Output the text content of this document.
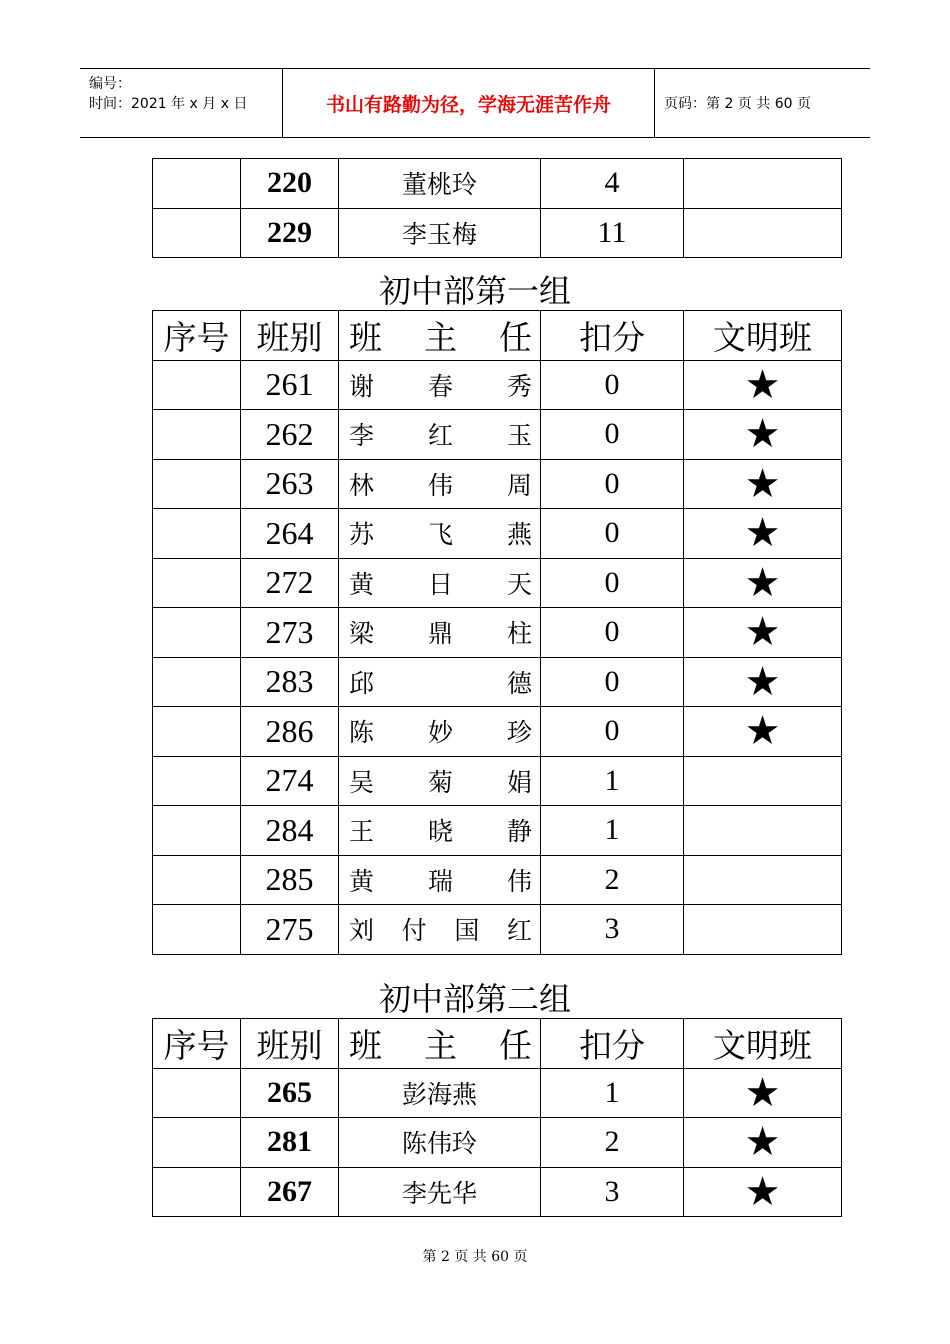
编号：
时间：2021 年 x 月 x 日	书山有路勤为径，学海无涯苦作舟	页码：第 2 页 共 60 页
	220	董桃玲	4	
	229	李玉梅	11	
初中部第一组
序号	班别	班 主 任	扣分	文明班
	261	谢 春 秀	0	★
	262	李 红 玉	0	★
	263	林 伟 周	0	★
	264	苏 飞 燕	0	★
	272	黄 日 天	0	★
	273	梁 鼎 柱	0	★
	283	邱 德	0	★
	286	陈 妙 珍	0	★
	274	吴 菊 娟	1	
	284	王 晓 静	1	
	285	黄 瑞 伟	2	
	275	刘 付 国 红	3	
初中部第二组
序号	班别	班 主 任	扣分	文明班
	265	彭海燕	1	★
	281	陈伟玲	2	★
	267	李先华	3	★
第 2 页 共 60 页
